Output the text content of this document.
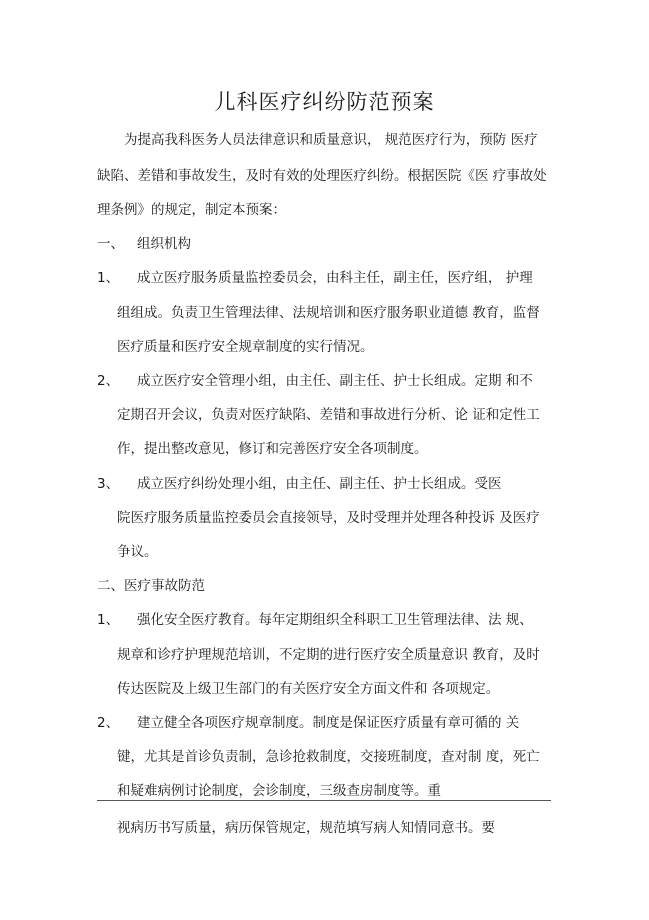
儿科医疗纠纷防范预案
为提高我科医务人员法律意识和质量意识， 规范医疗行为，预防 医疗
缺陷、差错和事故发生，及时有效的处理医疗纠纷。根据医院《医 疗事故处
理条例》的规定，制定本预案：
一、 组织机构
1、 成立医疗服务质量监控委员会，由科主任，副主任，医疗组， 护理
组组成。负责卫生管理法律、法规培训和医疗服务职业道德 教育，监督
医疗质量和医疗安全规章制度的实行情况。
2、 成立医疗安全管理小组，由主任、副主任、护士长组成。定期 和不
定期召开会议，负责对医疗缺陷、差错和事故进行分析、论 证和定性工
作，提出整改意见，修订和完善医疗安全各项制度。
3、 成立医疗纠纷处理小组，由主任、副主任、护士长组成。受医
院医疗服务质量监控委员会直接领导，及时受理并处理各种投诉 及医疗
争议。
二、医疗事故防范
1、 强化安全医疗教育。每年定期组织全科职工卫生管理法律、法 规、
规章和诊疗护理规范培训，不定期的进行医疗安全质量意识 教育，及时
传达医院及上级卫生部门的有关医疗安全方面文件和 各项规定。
2、 建立健全各项医疗规章制度。制度是保证医疗质量有章可循的 关
键，尤其是首诊负责制，急诊抢救制度，交接班制度，查对制 度，死亡
和疑难病例讨论制度，会诊制度，三级查房制度等。重
视病历书写质量，病历保管规定，规范填写病人知情同意书。要
